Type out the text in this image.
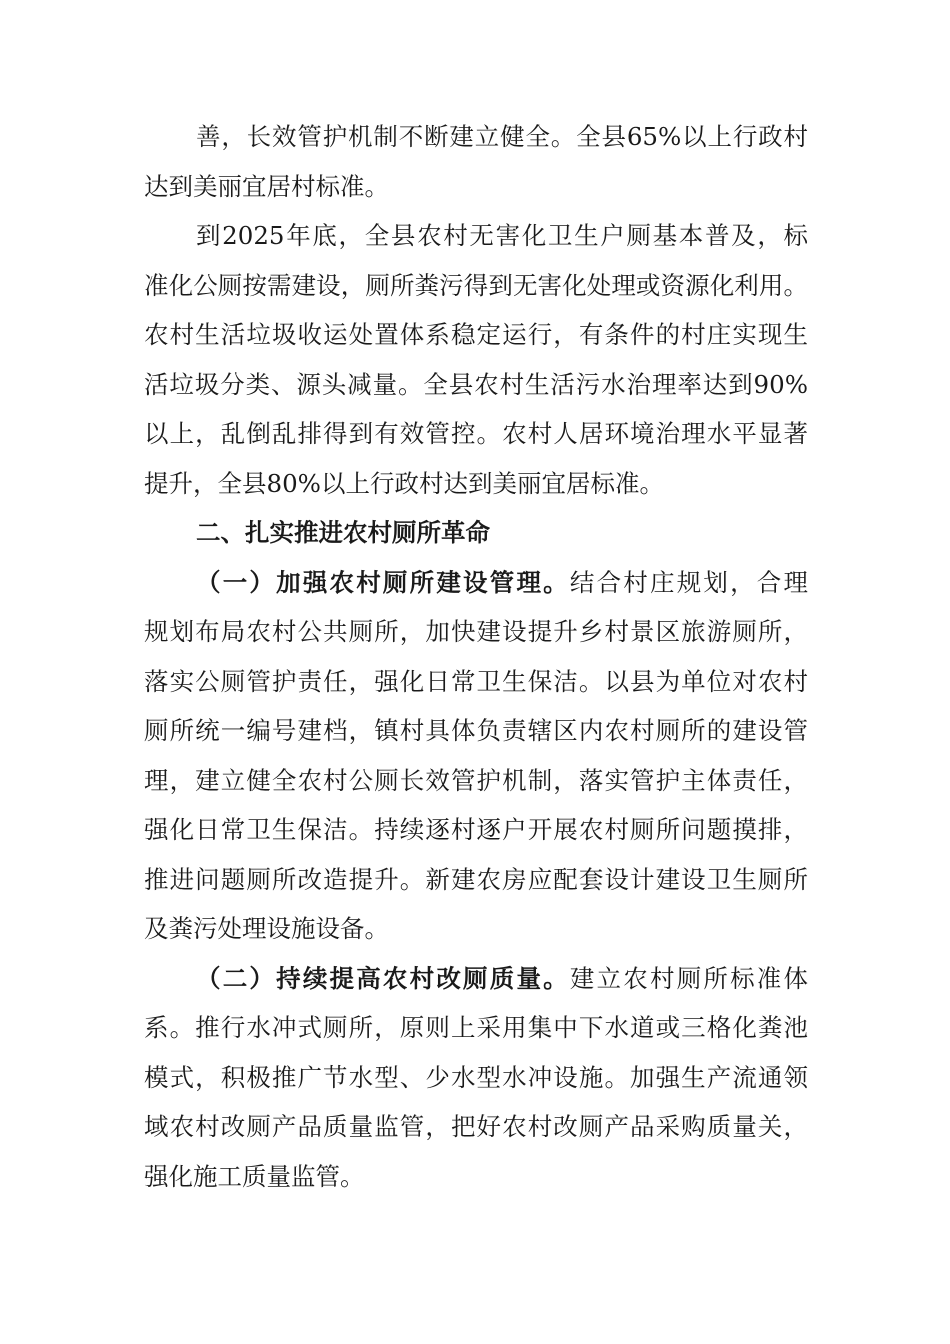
善，长效管护机制不断建立健全。全县65%以上行政村
达到美丽宜居村标准。
到2025年底，全县农村无害化卫生户厕基本普及，标
准化公厕按需建设，厕所粪污得到无害化处理或资源化利用。
农村生活垃圾收运处置体系稳定运行，有条件的村庄实现生
活垃圾分类、源头减量。全县农村生活污水治理率达到90%
以上，乱倒乱排得到有效管控。农村人居环境治理水平显著
提升，全县80%以上行政村达到美丽宜居标准。
二、扎实推进农村厕所革命
（一）加强农村厕所建设管理。结合村庄规划，合理
规划布局农村公共厕所，加快建设提升乡村景区旅游厕所，
落实公厕管护责任，强化日常卫生保洁。以县为单位对农村
厕所统一编号建档，镇村具体负责辖区内农村厕所的建设管
理，建立健全农村公厕长效管护机制，落实管护主体责任，
强化日常卫生保洁。持续逐村逐户开展农村厕所问题摸排，
推进问题厕所改造提升。新建农房应配套设计建设卫生厕所
及粪污处理设施设备。
（二）持续提高农村改厕质量。建立农村厕所标准体
系。推行水冲式厕所，原则上采用集中下水道或三格化粪池
模式，积极推广节水型、少水型水冲设施。加强生产流通领
域农村改厕产品质量监管，把好农村改厕产品采购质量关，
强化施工质量监管。
